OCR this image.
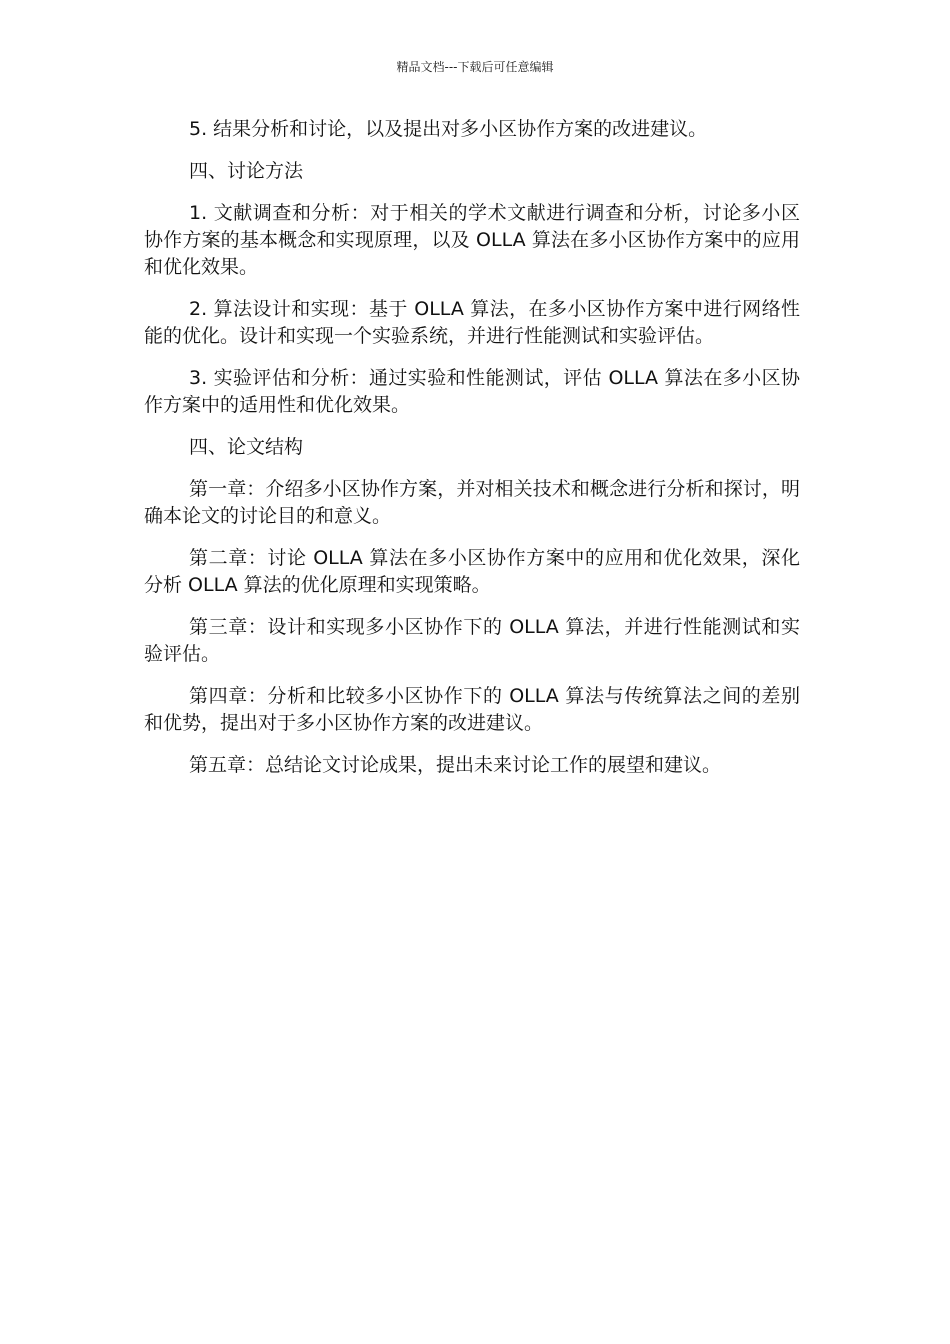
精品文档---下载后可任意编辑

5. 结果分析和讨论，以及提出对多小区协作方案的改进建议。

四、讨论方法

1. 文献调查和分析：对于相关的学术文献进行调查和分析，讨论多小区协作方案的基本概念和实现原理，以及 OLLA 算法在多小区协作方案中的应用和优化效果。

2. 算法设计和实现：基于 OLLA 算法，在多小区协作方案中进行网络性能的优化。设计和实现一个实验系统，并进行性能测试和实验评估。

3. 实验评估和分析：通过实验和性能测试，评估 OLLA 算法在多小区协作方案中的适用性和优化效果。

四、论文结构

第一章：介绍多小区协作方案，并对相关技术和概念进行分析和探讨，明确本论文的讨论目的和意义。

第二章：讨论 OLLA 算法在多小区协作方案中的应用和优化效果，深化分析 OLLA 算法的优化原理和实现策略。

第三章：设计和实现多小区协作下的 OLLA 算法，并进行性能测试和实验评估。

第四章：分析和比较多小区协作下的 OLLA 算法与传统算法之间的差别和优势，提出对于多小区协作方案的改进建议。

第五章：总结论文讨论成果，提出未来讨论工作的展望和建议。
